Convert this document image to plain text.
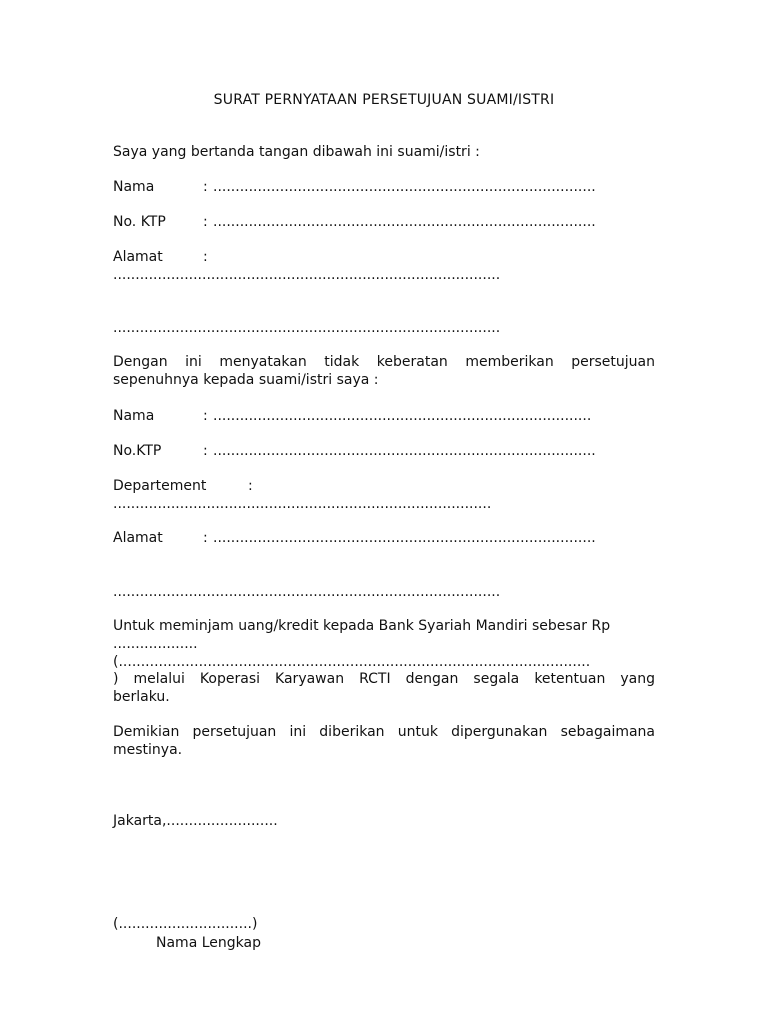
SURAT PERNYATAAN PERSETUJUAN SUAMI/ISTRI
Saya yang bertanda tangan dibawah ini suami/istri :
Nama	: ......................................................................................
No. KTP	: ......................................................................................
Alamat	:
.......................................................................................
.......................................................................................
Dengan ini menyatakan tidak keberatan memberikan persetujuan
sepenuhnya kepada suami/istri saya :
Nama	: .....................................................................................
No.KTP	: ......................................................................................
Departement	:
.....................................................................................
Alamat	: ......................................................................................
.......................................................................................
Untuk meminjam uang/kredit kepada Bank Syariah Mandiri sebesar Rp
...................
(..........................................................................................................
) melalui Koperasi Karyawan RCTI dengan segala ketentuan yang
berlaku.
Demikian persetujuan ini diberikan untuk dipergunakan sebagaimana
mestinya.
Jakarta,.........................
(..............................)
Nama Lengkap
